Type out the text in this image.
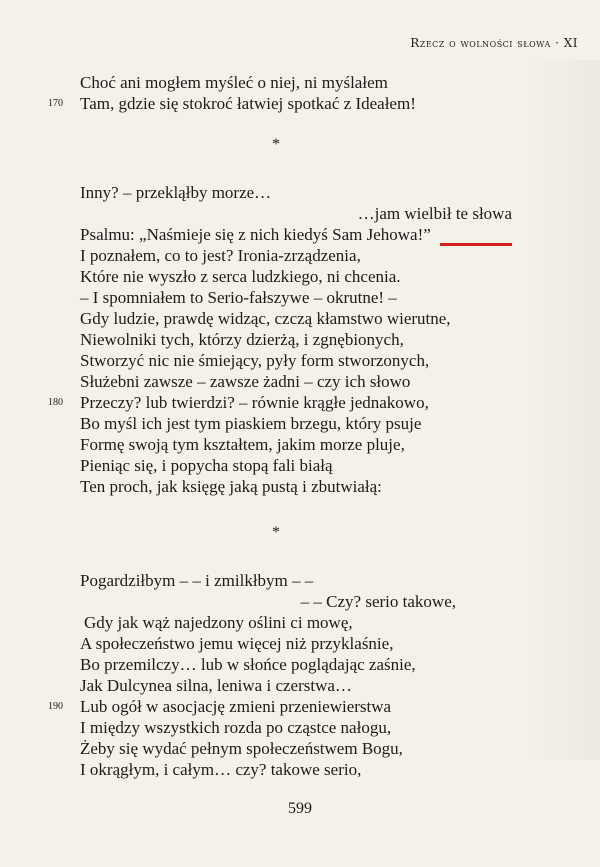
Rzecz o wolności słowa · XI
Choć ani mogłem myśleć o niej, ni myślałem
170	Tam, gdzie się stokroć łatwiej spotkać z Ideałem!
*
Inny? – przekląłby morze…
…jam wielbił te słowa
Psalmu: „Naśmieje się z nich kiedyś Sam Jehowa!”
I poznałem, co to jest? Ironia-zrządzenia,
Które nie wyszło z serca ludzkiego, ni chcenia.
– I spomniałem to Serio-fałszywe – okrutne! –
Gdy ludzie, prawdę widząc, czczą kłamstwo wierutne,
Niewolniki tych, którzy dzierżą, i zgnębionych,
Stworzyć nic nie śmiejący, pyły form stworzonych,
Służebni zawsze – zawsze żadni – czy ich słowo
180	Przeczy? lub twierdzi? – równie krągłe jednakowo,
Bo myśl ich jest tym piaskiem brzegu, który psuje
Formę swoją tym kształtem, jakim morze pluje,
Pieniąc się, i popycha stopą fali białą
Ten proch, jak księgę jaką pustą i zbutwiałą:
*
Pogardziłbym – – i zmilkłbym – –
– – Czy? serio takowe,
Gdy jak wąż najedzony oślini ci mowę,
A społeczeństwo jemu więcej niż przyklaśnie,
Bo przemilczy… lub w słońce poglądając zaśnie,
Jak Dulcynea silna, leniwa i czerstwa…
190	Lub ogół w asocjację zmieni przeniewierstwa
I między wszystkich rozda po cząstce nałogu,
Żeby się wydać pełnym społeczeństwem Bogu,
I okrągłym, i całym… czy? takowe serio,
599
